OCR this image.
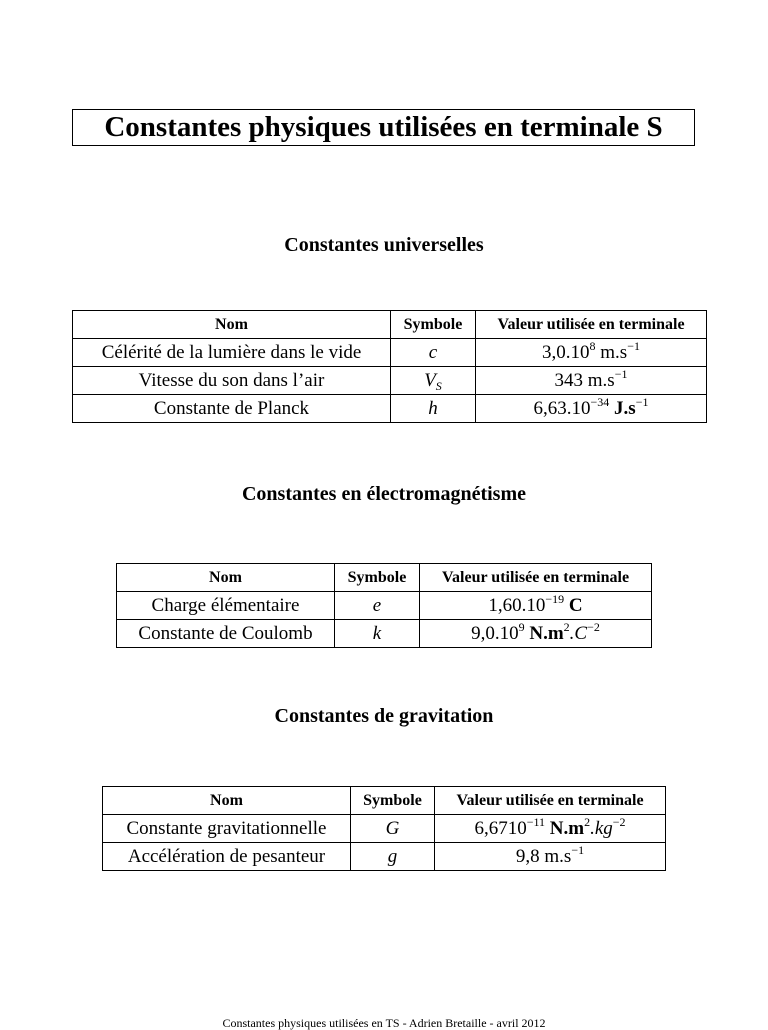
Constantes physiques utilisées en terminale S
Constantes universelles
Nom	Symbole	Valeur utilisée en terminale
Célérité de la lumière dans le vide	c	3,0.10$^8$ $m.s^{-1}$
Vitesse du son dans l’air	$V_S$	343 $m.s^{-1}$
Constante de Planck	h	$6,63.10^{-34}$ $J.s^{-1}$
Constantes en électromagnétisme
Nom	Symbole	Valeur utilisée en terminale
Charge élémentaire	e	$1,60.10^{-19}$ C
Constante de Coulomb	k	9,0.10$^9$ $N.m^2.C^{-2}$
Constantes de gravitation
Nom	Symbole	Valeur utilisée en terminale
Constante gravitationnelle	G	$6,6710^{-11}$ $N.m^2.kg^{-2}$
Accélération de pesanteur	g	9,8 $m.s^{-1}$
Constantes physiques utilisées en TS - Adrien Bretaille - avril 2012
